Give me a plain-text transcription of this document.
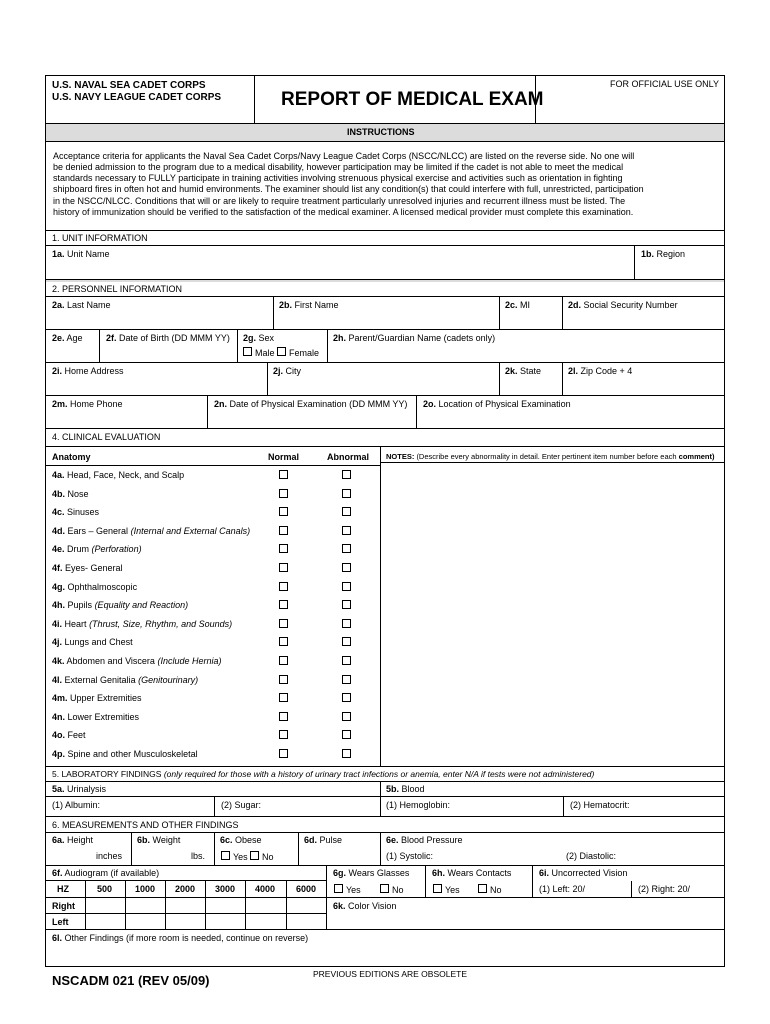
U.S. NAVAL SEA CADET CORPS
U.S. NAVY LEAGUE CADET CORPS	REPORT OF MEDICAL EXAM
FOR OFFICIAL USE ONLY
INSTRUCTIONS
Acceptance criteria for applicants the Naval Sea Cadet Corps/Navy League Cadet Corps (NSCC/NLCC) are listed on the reverse side. No one will
be denied admission to the program due to a medical disability, however participation may be limited if the cadet is not able to meet the medical
standards necessary to FULLY participate in training activities involving strenuous physical exercise and activities such as orientation in fighting
shipboard fires in often hot and humid environments. The examiner should list any condition(s) that could interfere with full, unrestricted, participation
in the NSCC/NLCC. Conditions that will or are likely to require treatment particularly unresolved injuries and recurrent illness must be listed. The
history of immunization should be verified to the satisfaction of the medical examiner. A licensed medical provider must complete this examination.
1. UNIT INFORMATION
1a. Unit Name	1b. Region
2. PERSONNEL INFORMATION
2a. Last Name	2b. First Name	2c. MI	2d. Social Security Number
2e. Age	2f. Date of Birth (DD MMM YY) 2g. Sex
Male Female
2h. Parent/Guardian Name (cadets only)
2i. Home Address	2j. City	2k. State	2l. Zip Code + 4
2m. Home Phone	2n. Date of Physical Examination (DD MMM YY) 2o. Location of Physical Examination
4. CLINICAL EVALUATION
Anatomy	Normal	Abnormal NOTES: (Describe every abnormality in detail. Enter pertinent item number before each comment)
4a. Head, Face, Neck, and Scalp
4b. Nose
4c. Sinuses
4d. Ears – General (Internal and External Canals)
4e. Drum (Perforation)
4f. Eyes- General
4g. Ophthalmoscopic
4h. Pupils (Equality and Reaction)
4i. Heart (Thrust, Size, Rhythm, and Sounds)
4j. Lungs and Chest
4k. Abdomen and Viscera (Include Hernia)
4l. External Genitalia (Genitourinary)
4m. Upper Extremities
4n. Lower Extremities
4o. Feet
4p. Spine and other Musculoskeletal
5. LABORATORY FINDINGS (only required for those with a history of urinary tract infections or anemia, enter N/A if tests were not administered)
5a. Urinalysis	5b. Blood
(1) Albumin:	(2) Sugar:	(1) Hemoglobin:	(2) Hematocrit:
6. MEASUREMENTS AND OTHER FINDINGS
6a. Height
inches
6b. Weight
lbs.
6c. Obese
Yes No
6d. Pulse	6e. Blood Pressure
(1) Systolic:	(2) Diastolic:
6f. Audiogram (if available)
HZ	500	1000 2000 3000 4000 6000
Right
Left
6g. Wears Glasses
Yes	No
6h. Wears Contacts
Yes	No
6i. Uncorrected Vision
(1) Left: 20/	(2) Right: 20/
6k. Color Vision
6l. Other Findings (if more room is needed, continue on reverse)
NSCADM 021 (REV 05/09)	PREVIOUS EDITIONS ARE OBSOLETE
